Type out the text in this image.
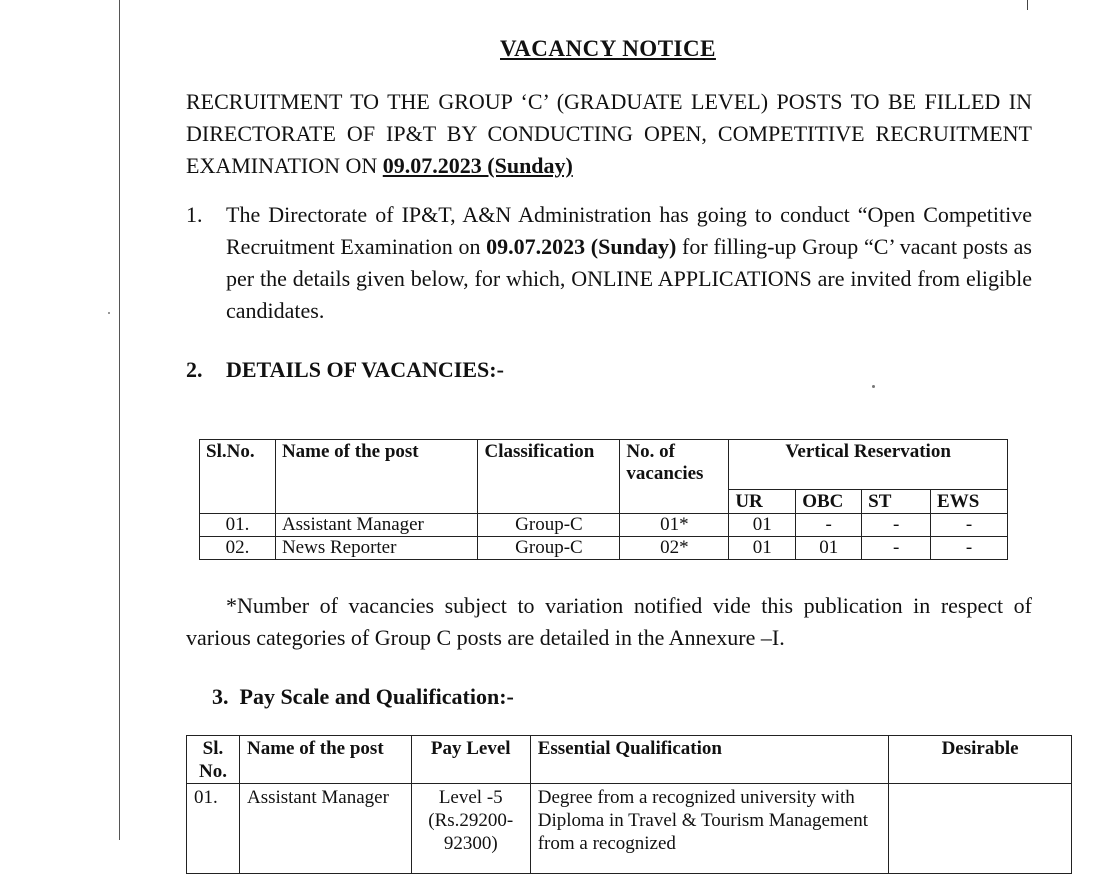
VACANCY NOTICE
RECRUITMENT TO THE GROUP ‘C’ (GRADUATE LEVEL) POSTS TO BE FILLED IN DIRECTORATE OF IP&T BY CONDUCTING OPEN, COMPETITIVE RECRUITMENT EXAMINATION ON 09.07.2023 (Sunday)
1. The Directorate of IP&T, A&N Administration has going to conduct “Open Competitive Recruitment Examination on 09.07.2023 (Sunday) for filling-up Group “C’ vacant posts as per the details given below, for which, ONLINE APPLICATIONS are invited from eligible candidates.
2. DETAILS OF VACANCIES:-
Sl.No.	Name of the post	Classification	No. of vacancies	Vertical Reservation			
				UR	OBC	ST	EWS
01.	Assistant Manager	Group-C	01*	01	-	-	-
02.	News Reporter	Group-C	02*	01	01	-	-
*Number of vacancies subject to variation notified vide this publication in respect of various categories of Group C posts are detailed in the Annexure –I.
3. Pay Scale and Qualification:-
Sl. No.	Name of the post	Pay Level	Essential Qualification	Desirable
01.	Assistant Manager	Level -5 (Rs.29200-92300)	Degree from a recognized university with Diploma in Travel & Tourism Management from a recognized	
